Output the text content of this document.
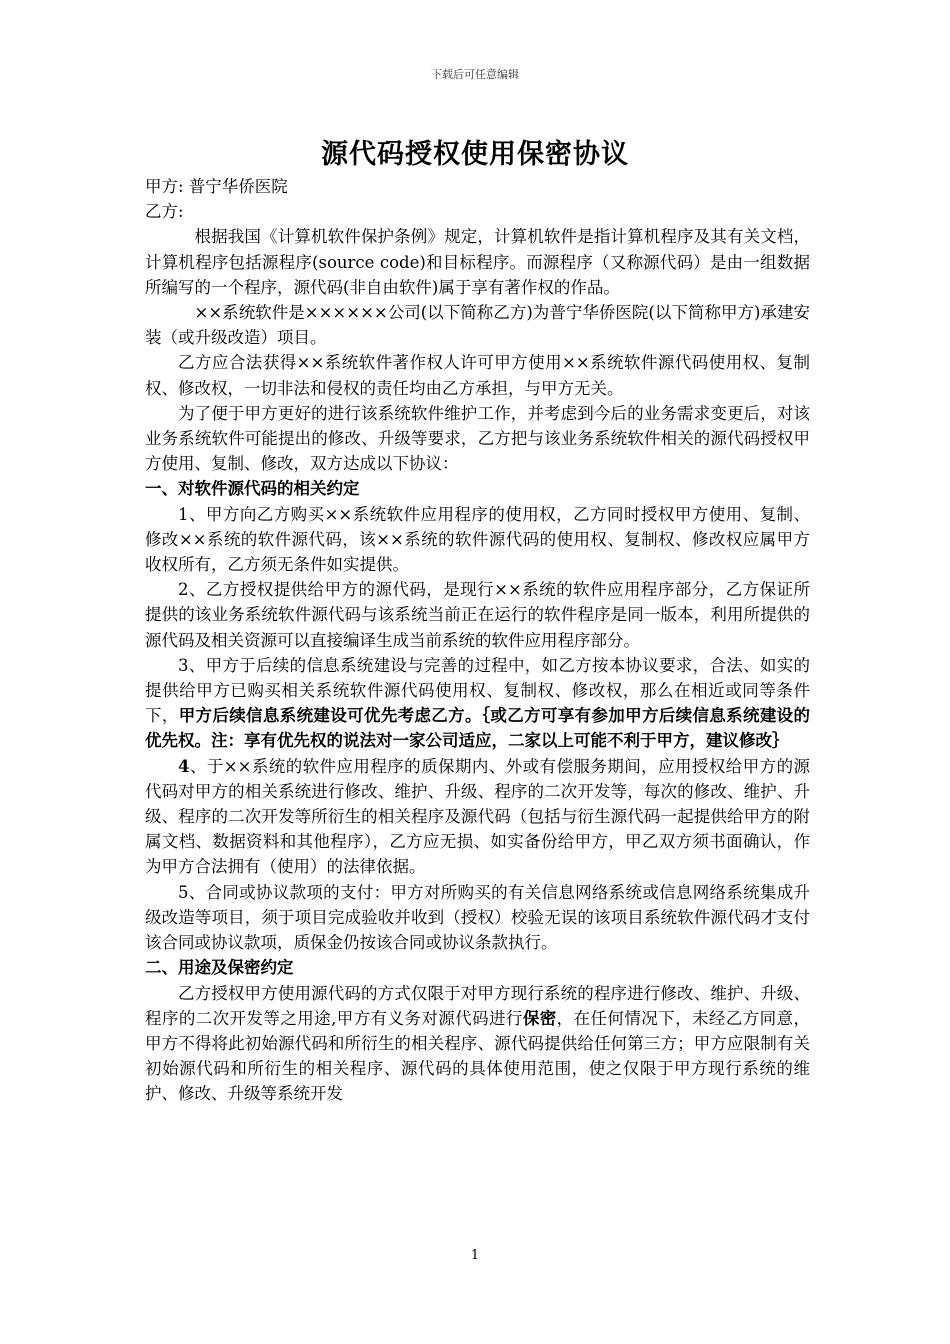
下载后可任意编辑
源代码授权使用保密协议

甲方: 普宁华侨医院

乙方:

根据我国《计算机软件保护条例》规定，计算机软件是指计算机程序及其有关文档，计算机程序包括源程序(source code)和目标程序。而源程序（又称源代码）是由一组数据所编写的一个程序，源代码(非自由软件)属于享有著作权的作品。

××系统软件是××××××公司(以下简称乙方)为普宁华侨医院(以下简称甲方)承建安装（或升级改造）项目。

乙方应合法获得××系统软件著作权人许可甲方使用××系统软件源代码使用权、复制权、修改权，一切非法和侵权的责任均由乙方承担，与甲方无关。

为了便于甲方更好的进行该系统软件维护工作，并考虑到今后的业务需求变更后，对该业务系统软件可能提出的修改、升级等要求，乙方把与该业务系统软件相关的源代码授权甲方使用、复制、修改，双方达成以下协议：

一、对软件源代码的相关约定

1、甲方向乙方购买××系统软件应用程序的使用权，乙方同时授权甲方使用、复制、修改××系统的软件源代码，该××系统的软件源代码的使用权、复制权、修改权应属甲方收权所有，乙方须无条件如实提供。

2、乙方授权提供给甲方的源代码，是现行××系统的软件应用程序部分，乙方保证所提供的该业务系统软件源代码与该系统当前正在运行的软件程序是同一版本，利用所提供的源代码及相关资源可以直接编译生成当前系统的软件应用程序部分。

3、甲方于后续的信息系统建设与完善的过程中，如乙方按本协议要求，合法、如实的提供给甲方已购买相关系统软件源代码使用权、复制权、修改权，那么在相近或同等条件下，甲方后续信息系统建设可优先考虑乙方。｛或乙方可享有参加甲方后续信息系统建设的优先权。注：享有优先权的说法对一家公司适应，二家以上可能不利于甲方，建议修改｝

4、于××系统的软件应用程序的质保期内、外或有偿服务期间，应用授权给甲方的源代码对甲方的相关系统进行修改、维护、升级、程序的二次开发等，每次的修改、维护、升级、程序的二次开发等所衍生的相关程序及源代码（包括与衍生源代码一起提供给甲方的附属文档、数据资料和其他程序），乙方应无损、如实备份给甲方，甲乙双方须书面确认，作为甲方合法拥有（使用）的法律依据。

5、合同或协议款项的支付：甲方对所购买的有关信息网络系统或信息网络系统集成升级改造等项目，须于项目完成验收并收到（授权）校验无误的该项目系统软件源代码才支付该合同或协议款项，质保金仍按该合同或协议条款执行。

二、用途及保密约定

乙方授权甲方使用源代码的方式仅限于对甲方现行系统的程序进行修改、维护、升级、程序的二次开发等之用途,甲方有义务对源代码进行保密，在任何情况下，未经乙方同意，甲方不得将此初始源代码和所衍生的相关程序、源代码提供给任何第三方；甲方应限制有关初始源代码和所衍生的相关程序、源代码的具体使用范围，使之仅限于甲方现行系统的维护、修改、升级等系统开发

1
